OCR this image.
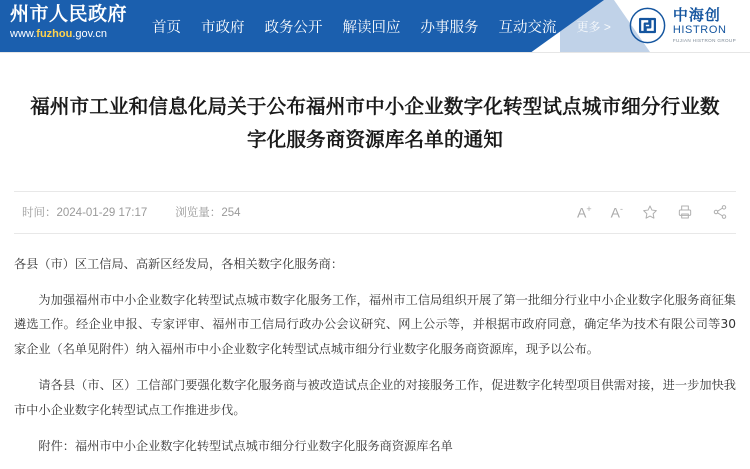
州市人民政府
www.fuzhou.gov.cn	首页 市政府 政务公开 解读回应 办事服务 互动交流 更多 >
中海创
HISTRON
FUJIAN HISTRON GROUP
福州市工业和信息化局关于公布福州市中小企业数字化转型试点城市细分行业数字化服务商资源库名单的通知
时间：2024-01-29 17:17 浏览量：254	A+ A-

各县（市）区工信局、高新区经发局，各相关数字化服务商：

为加强福州市中小企业数字化转型试点城市数字化服务工作，福州市工信局组织开展了第一批细分行业中小企业数字化服务商征集遴选工作。经企业申报、专家评审、福州市工信局行政办公会议研究、网上公示等，并根据市政府同意，确定华为技术有限公司等30家企业（名单见附件）纳入福州市中小企业数字化转型试点城市细分行业数字化服务商资源库，现予以公布。

请各县（市、区）工信部门要强化数字化服务商与被改造试点企业的对接服务工作，促进数字化转型项目供需对接，进一步加快我市中小企业数字化转型试点工作推进步伐。

附件：福州市中小企业数字化转型试点城市细分行业数字化服务商资源库名单
